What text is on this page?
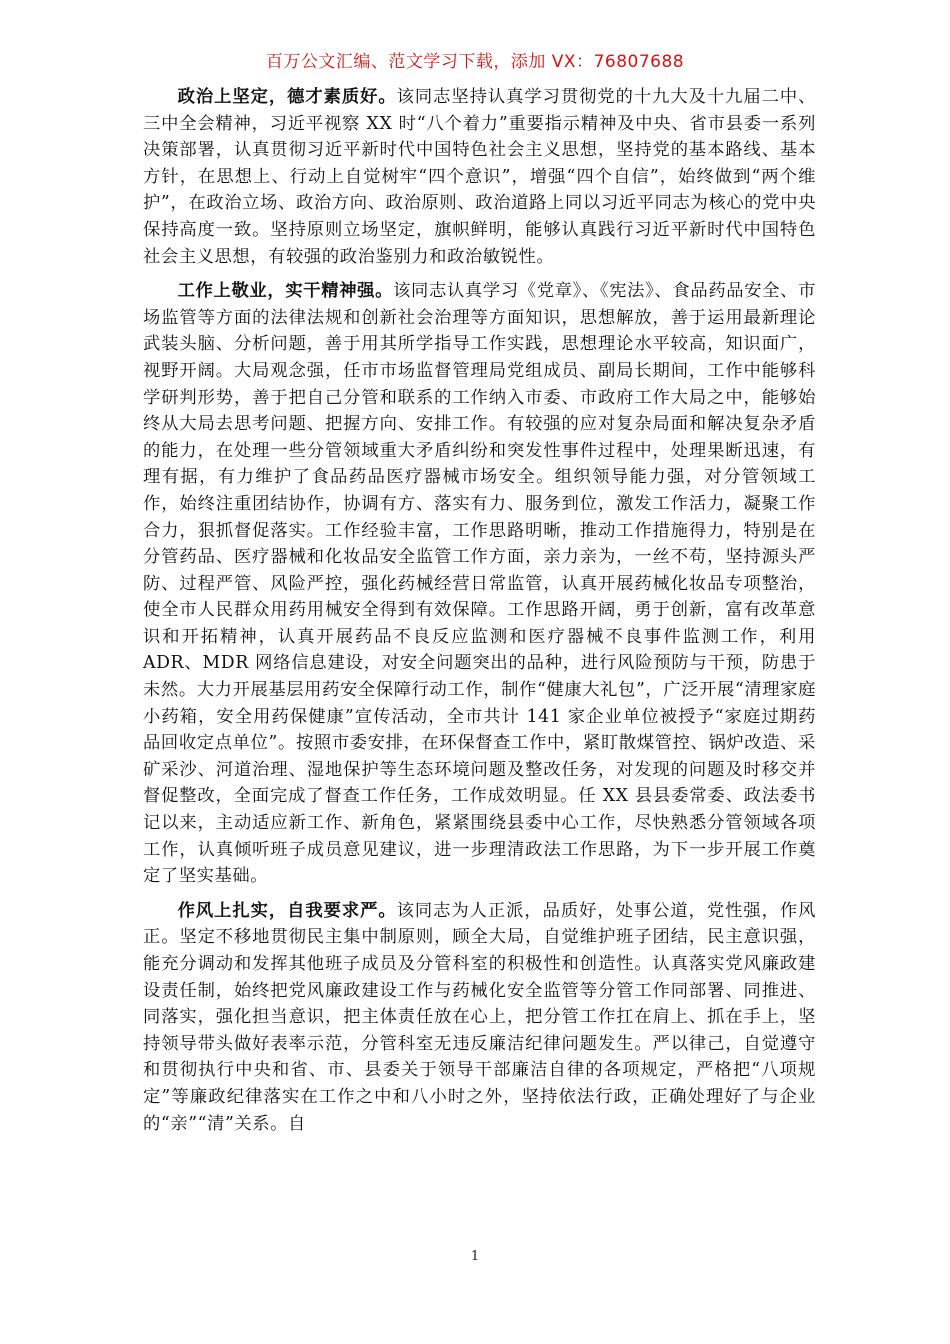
百万公文汇编、范文学习下载，添加 VX：76807688

政治上坚定，德才素质好。该同志坚持认真学习贯彻党的十九大及十九届二中、三中全会精神，习近平视察 XX 时“八个着力”重要指示精神及中央、省市县委一系列决策部署，认真贯彻习近平新时代中国特色社会主义思想，坚持党的基本路线、基本方针，在思想上、行动上自觉树牢“四个意识”，增强“四个自信”，始终做到“两个维护”，在政治立场、政治方向、政治原则、政治道路上同以习近平同志为核心的党中央保持高度一致。坚持原则立场坚定，旗帜鲜明，能够认真践行习近平新时代中国特色社会主义思想，有较强的政治鉴别力和政治敏锐性。

工作上敬业，实干精神强。该同志认真学习《党章》、《宪法》、食品药品安全、市场监管等方面的法律法规和创新社会治理等方面知识，思想解放，善于运用最新理论武装头脑、分析问题，善于用其所学指导工作实践，思想理论水平较高，知识面广，视野开阔。大局观念强，任市市场监督管理局党组成员、副局长期间，工作中能够科学研判形势，善于把自己分管和联系的工作纳入市委、市政府工作大局之中，能够始终从大局去思考问题、把握方向、安排工作。有较强的应对复杂局面和解决复杂矛盾的能力，在处理一些分管领域重大矛盾纠纷和突发性事件过程中，处理果断迅速，有理有据，有力维护了食品药品医疗器械市场安全。组织领导能力强，对分管领域工作，始终注重团结协作，协调有方、落实有力、服务到位，激发工作活力，凝聚工作合力，狠抓督促落实。工作经验丰富，工作思路明晰，推动工作措施得力，特别是在分管药品、医疗器械和化妆品安全监管工作方面，亲力亲为，一丝不苟，坚持源头严防、过程严管、风险严控，强化药械经营日常监管，认真开展药械化妆品专项整治，使全市人民群众用药用械安全得到有效保障。工作思路开阔，勇于创新，富有改革意识和开拓精神，认真开展药品不良反应监测和医疗器械不良事件监测工作，利用 ADR、MDR 网络信息建设，对安全问题突出的品种，进行风险预防与干预，防患于未然。大力开展基层用药安全保障行动工作，制作“健康大礼包”，广泛开展“清理家庭小药箱，安全用药保健康”宣传活动，全市共计 141 家企业单位被授予“家庭过期药品回收定点单位”。按照市委安排，在环保督查工作中，紧盯散煤管控、锅炉改造、采矿采沙、河道治理、湿地保护等生态环境问题及整改任务，对发现的问题及时移交并督促整改，全面完成了督查工作任务，工作成效明显。任 XX 县县委常委、政法委书记以来，主动适应新工作、新角色，紧紧围绕县委中心工作，尽快熟悉分管领域各项工作，认真倾听班子成员意见建议，进一步理清政法工作思路，为下一步开展工作奠定了坚实基础。

作风上扎实，自我要求严。该同志为人正派，品质好，处事公道，党性强，作风正。坚定不移地贯彻民主集中制原则，顾全大局，自觉维护班子团结，民主意识强，能充分调动和发挥其他班子成员及分管科室的积极性和创造性。认真落实党风廉政建设责任制，始终把党风廉政建设工作与药械化安全监管等分管工作同部署、同推进、同落实，强化担当意识，把主体责任放在心上，把分管工作扛在肩上、抓在手上，坚持领导带头做好表率示范，分管科室无违反廉洁纪律问题发生。严以律己，自觉遵守和贯彻执行中央和省、市、县委关于领导干部廉洁自律的各项规定，严格把“八项规定”等廉政纪律落实在工作之中和八小时之外，坚持依法行政，正确处理好了与企业的“亲”“清”关系。自

1
